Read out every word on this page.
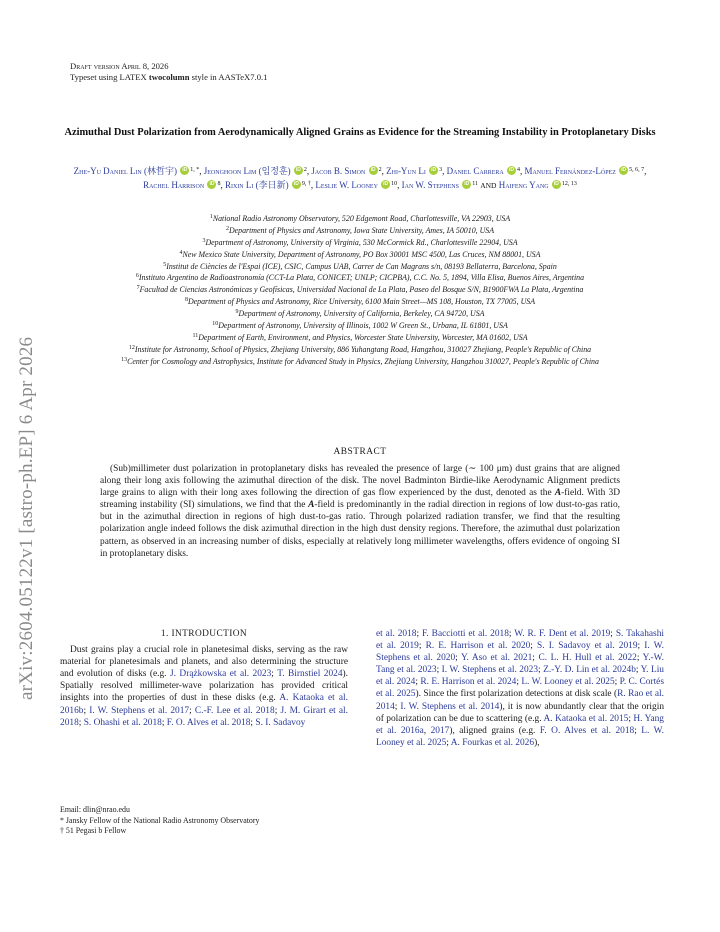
arXiv:2604.05122v1 [astro-ph.EP] 6 Apr 2026
Draft version April 8, 2026
Typeset using LATEX twocolumn style in AASTeX7.0.1
Azimuthal Dust Polarization from Aerodynamically Aligned Grains as Evidence for the Streaming Instability in Protoplanetary Disks
Zhe-Yu Daniel Lin (林哲宇) iD $^{1, *}$, Jeonghoon Lim (임정훈) iD $^2$, Jacob B. Simon iD $^2$, Zhi-Yun Li iD $^3$, Daniel Carrera iD $^4$, Manuel Fernández-López iD $^{5, 6, 7}$, Rachel Harrison iD $^8$, Rixin Li (李日新) iD $^{9, \dagger}$, Leslie W. Looney iD $^{10}$, Ian W. Stephens iD $^{11}$ AND Haifeng Yang iD $^{12, 13}$
$^1$National Radio Astronomy Observatory, 520 Edgemont Road, Charlottesville, VA 22903, USA
$^2$Department of Physics and Astronomy, Iowa State University, Ames, IA 50010, USA
$^3$Department of Astronomy, University of Virginia, 530 McCormick Rd., Charlottesville 22904, USA
$^4$New Mexico State University, Department of Astronomy, PO Box 30001 MSC 4500, Las Cruces, NM 88001, USA
$^5$Institut de Ciències de l'Espai (ICE), CSIC, Campus UAB, Carrer de Can Magrans s/n, 08193 Bellaterra, Barcelona, Spain
$^6$Instituto Argentino de Radioastronomía (CCT-La Plata, CONICET; UNLP; CICPBA), C.C. No. 5, 1894, Villa Elisa, Buenos Aires, Argentina
$^7$Facultad de Ciencias Astronómicas y Geofísicas, Universidad Nacional de La Plata, Paseo del Bosque S/N, B1900FWA La Plata, Argentina
$^8$Department of Physics and Astronomy, Rice University, 6100 Main Street—MS 108, Houston, TX 77005, USA
$^9$Department of Astronomy, University of California, Berkeley, CA 94720, USA
$^{10}$Department of Astronomy, University of Illinois, 1002 W Green St., Urbana, IL 61801, USA
$^{11}$Department of Earth, Environment, and Physics, Worcester State University, Worcester, MA 01602, USA
$^{12}$Institute for Astronomy, School of Physics, Zhejiang University, 886 Yuhangtang Road, Hangzhou, 310027 Zhejiang, People's Republic of China
$^{13}$Center for Cosmology and Astrophysics, Institute for Advanced Study in Physics, Zhejiang University, Hangzhou 310027, People's Republic of China
ABSTRACT
(Sub)millimeter dust polarization in protoplanetary disks has revealed the presence of large (∼ 100 μm) dust grains that are aligned along their long axis following the azimuthal direction of the disk. The novel Badminton Birdie-like Aerodynamic Alignment predicts large grains to align with their long axes following the direction of gas flow experienced by the dust, denoted as the A-field. With 3D streaming instability (SI) simulations, we find that the A-field is predominantly in the radial direction in regions of low dust-to-gas ratio, but in the azimuthal direction in regions of high dust-to-gas ratio. Through polarized radiation transfer, we find that the resulting polarization angle indeed follows the disk azimuthal direction in the high dust density regions. Therefore, the azimuthal dust polarization pattern, as observed in an increasing number of disks, especially at relatively long millimeter wavelengths, offers evidence of ongoing SI in protoplanetary disks.
1. INTRODUCTION
Dust grains play a crucial role in planetesimal disks, serving as the raw material for planetesimals and planets, and also determining the structure and evolution of disks (e.g. J. Drążkowska et al. 2023; T. Birnstiel 2024). Spatially resolved millimeter-wave polarization has provided critical insights into the properties of dust in these disks (e.g. A. Kataoka et al. 2016b; I. W. Stephens et al. 2017; C.-F. Lee et al. 2018; J. M. Girart et al. 2018; S. Ohashi et al. 2018; F. O. Alves et al. 2018; S. I. Sadavoy
et al. 2018; F. Bacciotti et al. 2018; W. R. F. Dent et al. 2019; S. Takahashi et al. 2019; R. E. Harrison et al. 2020; S. I. Sadavoy et al. 2019; I. W. Stephens et al. 2020; Y. Aso et al. 2021; C. L. H. Hull et al. 2022; Y.-W. Tang et al. 2023; I. W. Stephens et al. 2023; Z.-Y. D. Lin et al. 2024b; Y. Liu et al. 2024; R. E. Harrison et al. 2024; L. W. Looney et al. 2025; P. C. Cortés et al. 2025). Since the first polarization detections at disk scale (R. Rao et al. 2014; I. W. Stephens et al. 2014), it is now abundantly clear that the origin of polarization can be due to scattering (e.g. A. Kataoka et al. 2015; H. Yang et al. 2016a, 2017), aligned grains (e.g. F. O. Alves et al. 2018; L. W. Looney et al. 2025; A. Fourkas et al. 2026),
Email: dlin@nrao.edu
* Jansky Fellow of the National Radio Astronomy Observatory
† 51 Pegasi b Fellow
